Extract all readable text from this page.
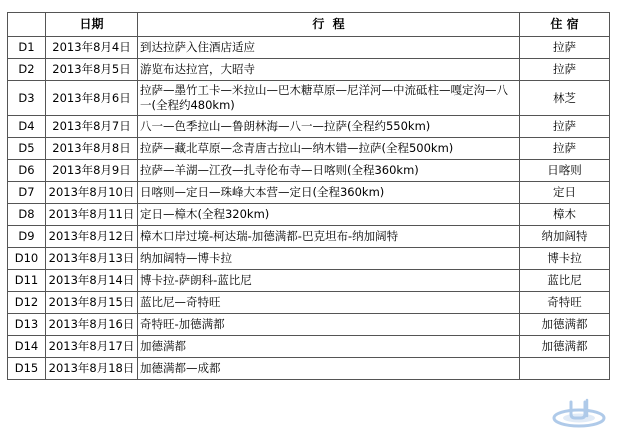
	日期	行  程	住 宿
D1	2013年8月4日	到达拉萨入住酒店适应	拉萨
D2	2013年8月5日	游览布达拉宫，大昭寺	拉萨
D3	2013年8月6日	拉萨—墨竹工卡—米拉山—巴木糖草原—尼洋河—中流砥柱—嘎定沟—八一(全程约480km)	林芝
D4	2013年8月7日	八一—色季拉山—鲁朗林海—八一—拉萨(全程约550km)	拉萨
D5	2013年8月8日	拉萨—藏北草原—念青唐古拉山—纳木错—拉萨(全程500km)	拉萨
D6	2013年8月9日	拉萨—羊湖—江孜—扎寺伦布寺—日喀则(全程360km)	日喀则
D7	2013年8月10日	日喀则—定日—珠峰大本营—定日(全程360km)	定日
D8	2013年8月11日	定日—樟木(全程320km)	樟木
D9	2013年8月12日	樟木口岸过境-柯达瑞-加德满都-巴克坦布-纳加阔特	纳加阔特
D10	2013年8月13日	纳加阔特—博卡拉	博卡拉
D11	2013年8月14日	博卡拉-萨朗科-蓝比尼	蓝比尼
D12	2013年8月15日	蓝比尼—奇特旺	奇特旺
D13	2013年8月16日	奇特旺-加德满都	加德满都
D14	2013年8月17日	加德满都	加德满都
D15	2013年8月18日	加德满都—成都	
